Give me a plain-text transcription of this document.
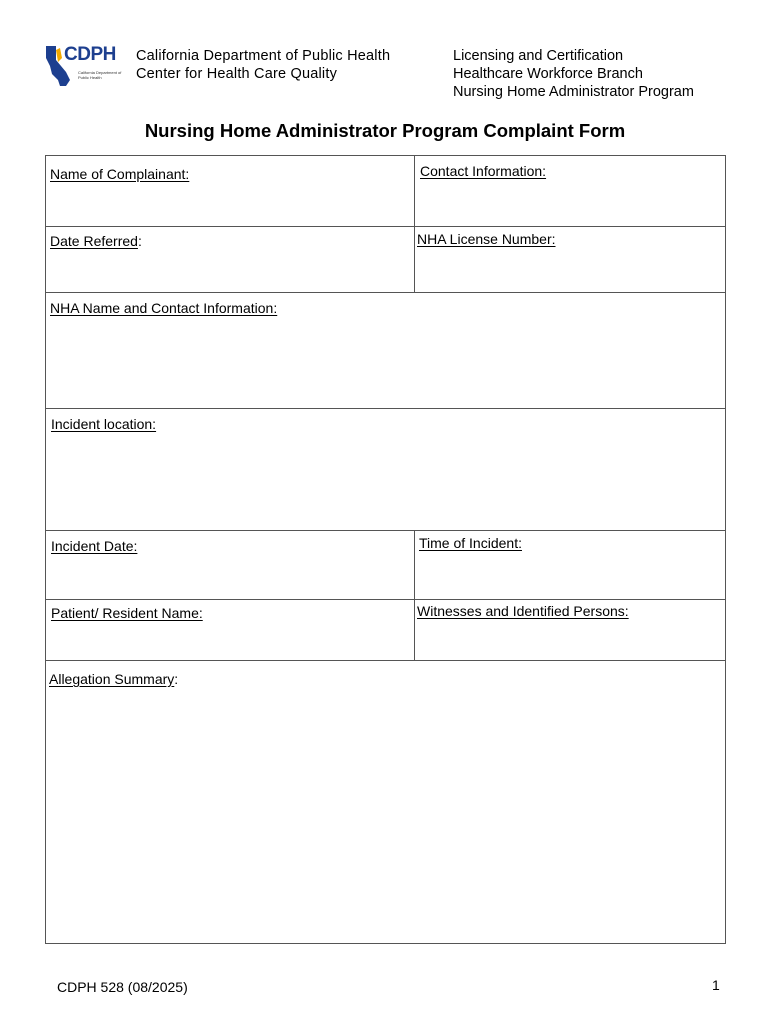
CDPH
California Department of Public Health
California Department of Public Health
Center for Health Care Quality
Licensing and Certification
Healthcare Workforce Branch
Nursing Home Administrator Program
Nursing Home Administrator Program Complaint Form
Name of Complainant:	Contact Information:
Date Referred:	NHA License Number:
NHA Name and Contact Information:
Incident location:
Incident Date:	Time of Incident:
Patient/ Resident Name:	Witnesses and Identified Persons:
Allegation Summary:
CDPH 528 (08/2025)	1
